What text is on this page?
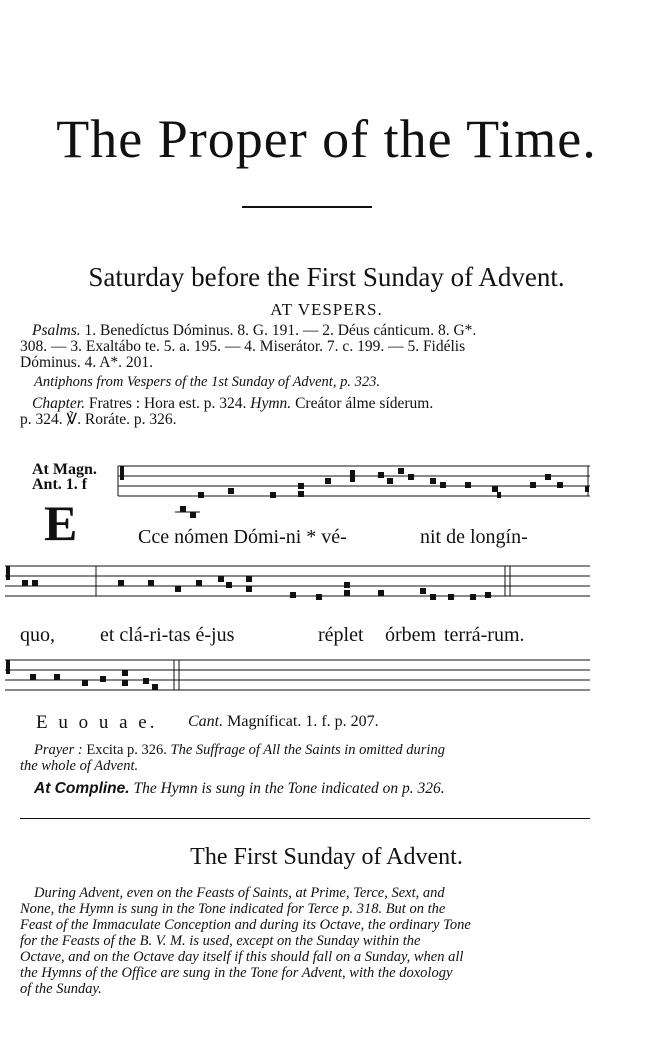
The Proper of the Time.
Saturday before the First Sunday of Advent.
AT VESPERS.
Psalms. 1. Benedíctus Dóminus. 8. G. 191. — 2. Déus cánticum. 8. G*.
308. — 3. Exaltábo te. 5. a. 195. — 4. Miserátor. 7. c. 199. — 5. Fidélis
Dóminus. 4. A*. 201.
Antiphons from Vespers of the 1st Sunday of Advent, p. 323.
Chapter. Fratres : Hora est. p. 324. Hymn. Creátor álme síderum.
p. 324. ℣. Roráte. p. 326.
At Magn.
Ant. 1. f
E	Cce nómen Dómi-ni * vé-	nit de longín-
quo, et clá-ri-tas é-jus	réplet órbem terrá-rum.
E u o u a e. Cant. Magníficat. 1. f. p. 207.
Prayer : Excita p. 326. The Suffrage of All the Saints in omitted during
the whole of Advent.
At Compline. The Hymn is sung in the Tone indicated on p. 326.
The First Sunday of Advent.
During Advent, even on the Feasts of Saints, at Prime, Terce, Sext, and
None, the Hymn is sung in the Tone indicated for Terce p. 318. But on the
Feast of the Immaculate Conception and during its Octave, the ordinary Tone
for the Feasts of the B. V. M. is used, except on the Sunday within the
Octave, and on the Octave day itself if this should fall on a Sunday, when all
the Hymns of the Office are sung in the Tone for Advent, with the doxology
of the Sunday.
